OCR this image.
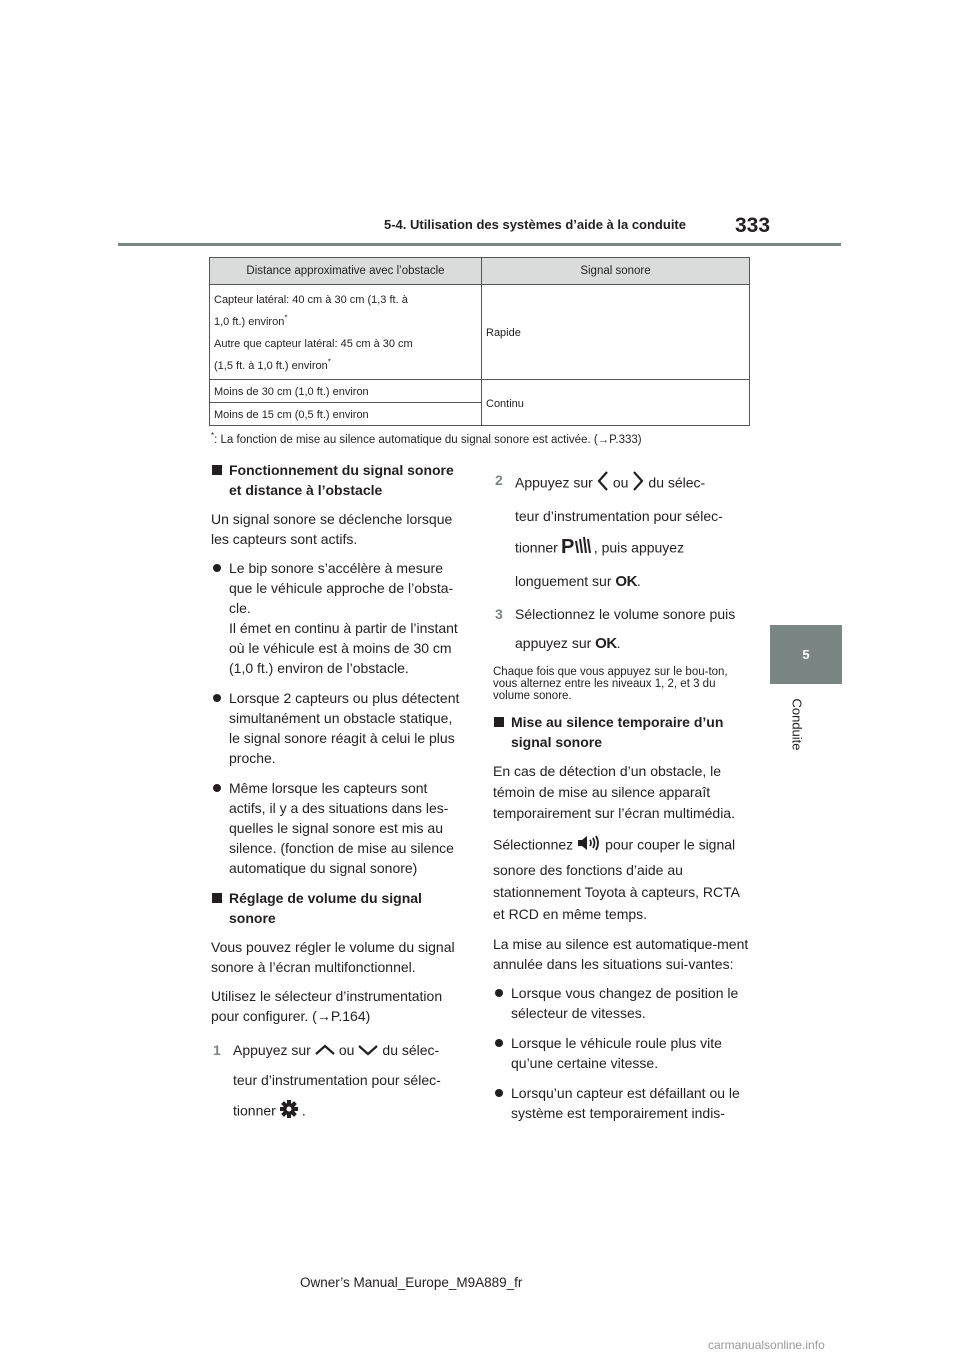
5-4. Utilisation des systèmes d’aide à la conduite 333
5
Conduite
Distance approximative avec l’obstacle	Signal sonore
Capteur latéral: 40 cm à 30 cm (1,3 ft. à
1,0 ft.) environ*
Autre que capteur latéral: 45 cm à 30 cm
(1,5 ft. à 1,0 ft.) environ*	Rapide
Moins de 30 cm (1,0 ft.) environ	Continu
Moins de 15 cm (0,5 ft.) environ	
*: La fonction de mise au silence automatique du signal sonore est activée. (→P.333)
Fonctionnement du signal sonore et distance à l’obstacle

Un signal sonore se déclenche lorsque les capteurs sont actifs.

Le bip sonore s’accélère à mesure que le véhicule approche de l’obsta-cle.
Il émet en continu à partir de l’instant où le véhicule est à moins de 30 cm (1,0 ft.) environ de l’obstacle.
Lorsque 2 capteurs ou plus détectent simultanément un obstacle statique, le signal sonore réagit à celui le plus proche.
Même lorsque les capteurs sont actifs, il y a des situations dans les-quelles le signal sonore est mis au silence. (fonction de mise au silence automatique du signal sonore)
Réglage de volume du signal sonore

Vous pouvez régler le volume du signal sonore à l’écran multifonctionnel.

Utilisez le sélecteur d’instrumentation pour configurer. (→P.164)

1 Appuyez sur ou du sélec-
teur d’instrumentation pour sélec-
tionner .
2 Appuyez sur ou du sélec-
teur d’instrumentation pour sélec-
tionner P , puis appuyez
longuement sur OK.
3 Sélectionnez le volume sonore puis
appuyez sur OK.

Chaque fois que vous appuyez sur le bou-ton, vous alternez entre les niveaux 1, 2, et 3 du volume sonore.

Mise au silence temporaire d’un signal sonore

En cas de détection d’un obstacle, le témoin de mise au silence apparaît temporairement sur l’écran multimédia.

Sélectionnez pour couper le signal sonore des fonctions d’aide au stationnement Toyota à capteurs, RCTA et RCD en même temps.

La mise au silence est automatique-ment annulée dans les situations sui-vantes:

Lorsque vous changez de position le sélecteur de vitesses.
Lorsque le véhicule roule plus vite qu’une certaine vitesse.
Lorsqu’un capteur est défaillant ou le système est temporairement indis-
Owner’s Manual_Europe_M9A889_fr
carmanualsonline.info
